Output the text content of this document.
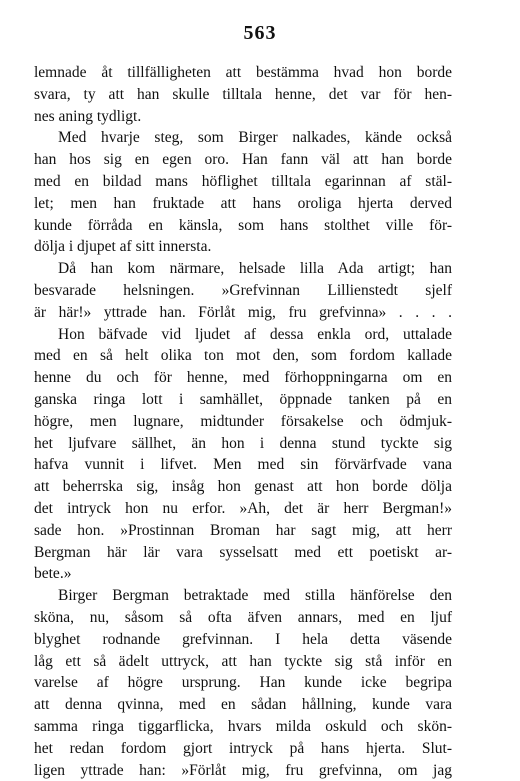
563
lemnade åt tillfälligheten att bestämma hvad hon borde
svara, ty att han skulle tilltala henne, det var för hen-
nes aning tydligt.
Med hvarje steg, som Birger nalkades, kände också
han hos sig en egen oro. Han fann väl att han borde
med en bildad mans höflighet tilltala egarinnan af stäl-
let; men han fruktade att hans oroliga hjerta derved
kunde förråda en känsla, som hans stolthet ville för-
dölja i djupet af sitt innersta.
Då han kom närmare, helsade lilla Ada artigt; han
besvarade helsningen. »Grefvinnan Lillienstedt sjelf
är här!» yttrade han. Förlåt mig, fru grefvinna» . . . .
Hon bäfvade vid ljudet af dessa enkla ord, uttalade
med en så helt olika ton mot den, som fordom kallade
henne du och för henne, med förhoppningarna om en
ganska ringa lott i samhället, öppnade tanken på en
högre, men lugnare, midtunder försakelse och ödmjuk-
het ljufvare sällhet, än hon i denna stund tyckte sig
hafva vunnit i lifvet. Men med sin förvärfvade vana
att beherrska sig, insåg hon genast att hon borde dölja
det intryck hon nu erfor. »Ah, det är herr Bergman!»
sade hon. »Prostinnan Broman har sagt mig, att herr
Bergman här lär vara sysselsatt med ett poetiskt ar-
bete.»
Birger Bergman betraktade med stilla hänförelse den
sköna, nu, såsom så ofta äfven annars, med en ljuf
blyghet rodnande grefvinnan. I hela detta väsende
låg ett så ädelt uttryck, att han tyckte sig stå inför en
varelse af högre ursprung. Han kunde icke begripa
att denna qvinna, med en sådan hållning, kunde vara
samma ringa tiggarflicka, hvars milda oskuld och skön-
het redan fordom gjort intryck på hans hjerta. Slut-
ligen yttrade han: »Förlåt mig, fru grefvinna, om jag
